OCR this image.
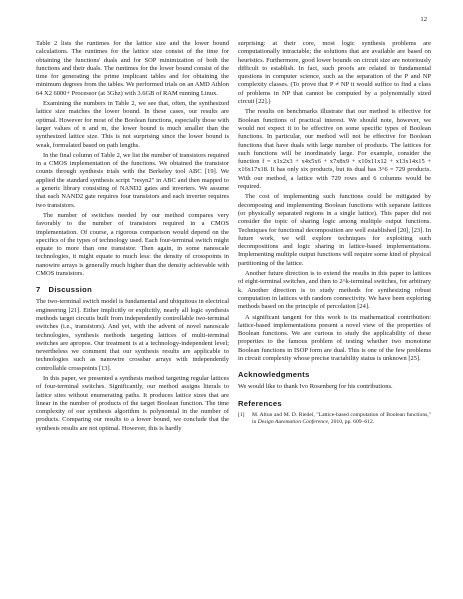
12

Table 2 lists the runtimes for the lattice size and the lower bound calculations. The runtimes for the lattice size consist of the time for obtaining the functions' duals and for SOP minimization of both the functions and their duals. The runtimes for the lower bound consist of the time for generating the prime implicant tables and for obtaining the minimum degrees from the tables. We performed trials on an AMD Athlon 64 X2 6000+ Processor (at 3Ghz) with 3.6GB of RAM running Linux.

Examining the numbers in Table 2, we see that, often, the synthesized lattice size matches the lower bound. In these cases, our results are optimal. However for most of the Boolean functions, especially those with larger values of n and m, the lower bound is much smaller than the synthesized lattice size. This is not surprising since the lower bound is weak, formulated based on path lengths.

In the final column of Table 2, we list the number of transistors required in a CMOS implementation of the functions. We obtained the transistor counts through synthesis trials with the Berkeley tool ABC [19]. We applied the standard synthesis script "resyn2" in ABC and then mapped to a generic library consisting of NAND2 gates and inverters. We assume that each NAND2 gate requires four transistors and each inverter requires two transistors.

The number of switches needed by our method compares very favorably to the number of transistors required in a CMOS implementation. Of course, a rigorous comparison would depend on the specifics of the types of technology used. Each four-terminal switch might equate to more than one transistor. Then again, in some nanoscale technologies, it might equate to much less: the density of crosspoints in nanowire arrays is generally much higher than the density achievable with CMOS transistors.

7 Discussion

The two-terminal switch model is fundamental and ubiquitous in electrical engineering [21]. Either implicitly or explicitly, nearly all logic synthesis methods target circuits built from independently controllable two-terminal switches (i.e., transistors). And yet, with the advent of novel nanoscale technologies, synthesis methods targeting lattices of multi-terminal switches are apropos. Our treatment is at a technology-independent level; nevertheless we comment that our synthesis results are applicable to technologies such as nanowire crossbar arrays with independently controllable crosspoints [13].

In this paper, we presented a synthesis method targeting regular lattices of four-terminal switches. Significantly, our method assigns literals to lattice sites without enumerating paths. It produces lattice sizes that are linear in the number of products of the target Boolean function. The time complexity of our synthesis algorithm is polynomial in the number of products. Comparing our results to a lower bound, we conclude that the synthesis results are not optimal. However, this is hardly

surprising: at their core, most logic synthesis problems are computationally intractable; the solutions that are available are based on heuristics. Furthermore, good lower bounds on circuit size are notoriously difficult to establish. In fact, such proofs are related to fundamental questions in computer science, such as the separation of the P and NP complexity classes. (To prove that P ≠ NP it would suffice to find a class of problems in NP that cannot be computed by a polynomially sized circuit [22].)

The results on benchmarks illustrate that our method is effective for Boolean functions of practical interest. We should note, however, we would not expect it to be effective on some specific types of Boolean functions. In particular, our method will not be effective for Boolean functions that have duals with large number of products. The lattices for such functions will be inordinately large. For example, consider the function f = x1x2x3 + x4x5x6 + x7x8x9 + x10x11x12 + x13x14x15 + x16x17x18. It has only six products, but its dual has 3^6 = 729 products. With our method, a lattice with 729 rows and 6 columns would be required.

The cost of implementing such functions could be mitigated by decomposing and implementing Boolean functions with separate lattices (or physically separated regions in a single lattice). This paper did not consider the topic of sharing logic among multiple output functions. Techniques for functional decomposition are well established [20], [23]. In future work, we will explore techniques for exploiting such decompositions and logic sharing in lattice-based implementations. Implementing multiple output functions will require some kind of physical partitioning of the lattice.

Another future direction is to extend the results in this paper to lattices of eight-terminal switches, and then to 2^k-terminal switches, for arbitrary k. Another direction is to study methods for synthesizing robust computation in lattices with random connectivity. We have been exploring methods based on the principle of percolation [24].

A significant tangent for this work is its mathematical contribution: lattice-based implementations present a novel view of the properties of Boolean functions. We are curious to study the applicability of these properties to the famous problem of testing whether two monotone Boolean functions in ISOP form are dual. This is one of the few problems in circuit complexity whose precise tractability status is unknown [25].

Acknowledgments

We would like to thank Ivo Rosenberg for his contributions.

References
[1]	M. Altun and M. D. Riedel, "Lattice-based computation of Boolean functions," in Design Automation Conference, 2010, pp. 609–612.
